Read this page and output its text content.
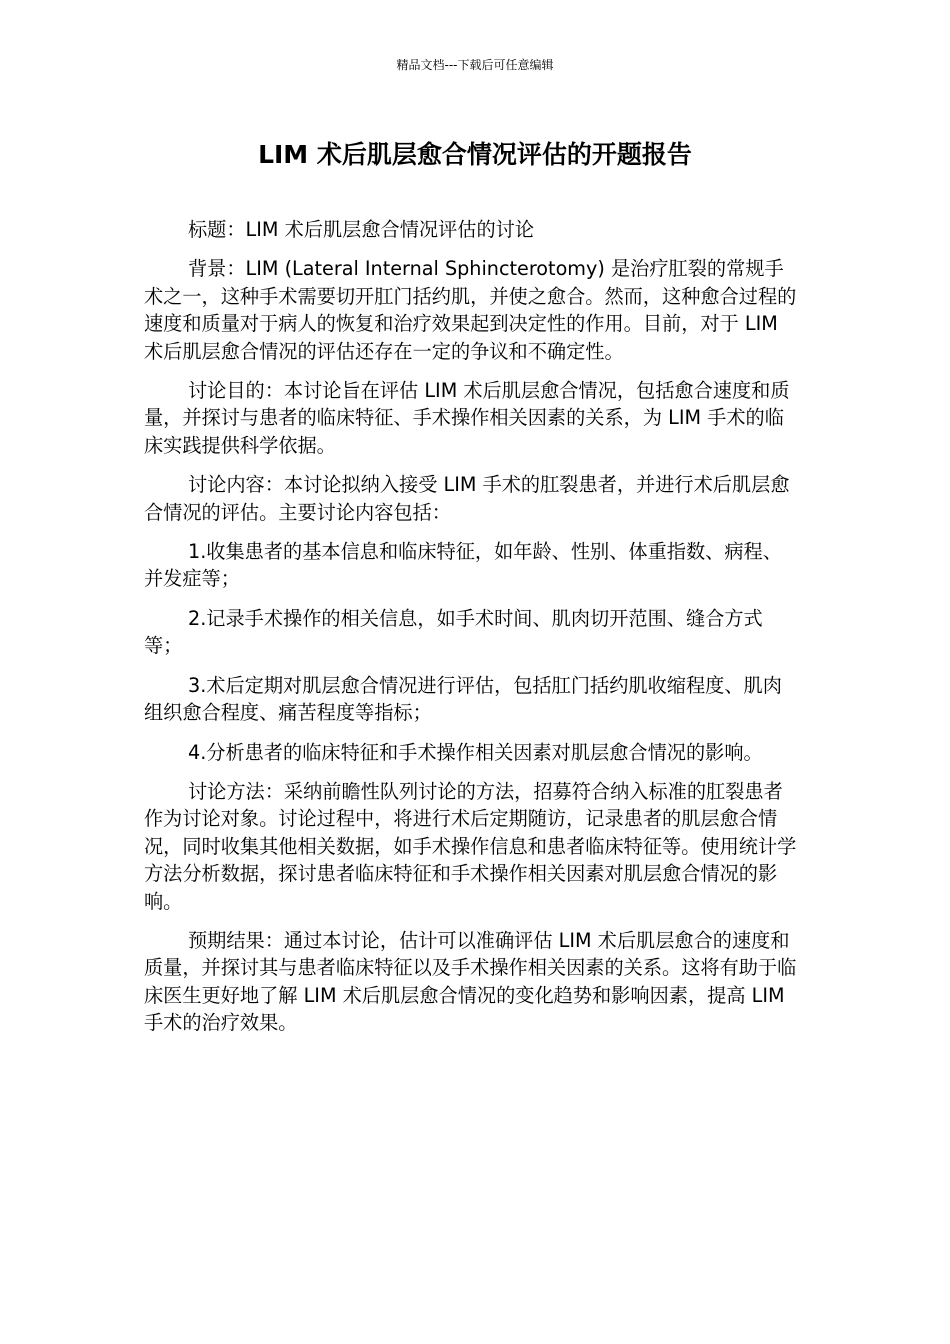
精品文档---下载后可任意编辑
LIM 术后肌层愈合情况评估的开题报告

标题：LIM 术后肌层愈合情况评估的讨论

背景：LIM (Lateral Internal Sphincterotomy) 是治疗肛裂的常规手术之一，这种手术需要切开肛门括约肌，并使之愈合。然而，这种愈合过程的速度和质量对于病人的恢复和治疗效果起到决定性的作用。目前，对于 LIM 术后肌层愈合情况的评估还存在一定的争议和不确定性。

讨论目的：本讨论旨在评估 LIM 术后肌层愈合情况，包括愈合速度和质量，并探讨与患者的临床特征、手术操作相关因素的关系，为 LIM 手术的临床实践提供科学依据。

讨论内容：本讨论拟纳入接受 LIM 手术的肛裂患者，并进行术后肌层愈合情况的评估。主要讨论内容包括：

1.收集患者的基本信息和临床特征，如年龄、性别、体重指数、病程、并发症等；

2.记录手术操作的相关信息，如手术时间、肌肉切开范围、缝合方式等；

3.术后定期对肌层愈合情况进行评估，包括肛门括约肌收缩程度、肌肉组织愈合程度、痛苦程度等指标；

4.分析患者的临床特征和手术操作相关因素对肌层愈合情况的影响。

讨论方法：采纳前瞻性队列讨论的方法，招募符合纳入标准的肛裂患者作为讨论对象。讨论过程中，将进行术后定期随访，记录患者的肌层愈合情况，同时收集其他相关数据，如手术操作信息和患者临床特征等。使用统计学方法分析数据，探讨患者临床特征和手术操作相关因素对肌层愈合情况的影响。

预期结果：通过本讨论，估计可以准确评估 LIM 术后肌层愈合的速度和质量，并探讨其与患者临床特征以及手术操作相关因素的关系。这将有助于临床医生更好地了解 LIM 术后肌层愈合情况的变化趋势和影响因素，提高 LIM 手术的治疗效果。
